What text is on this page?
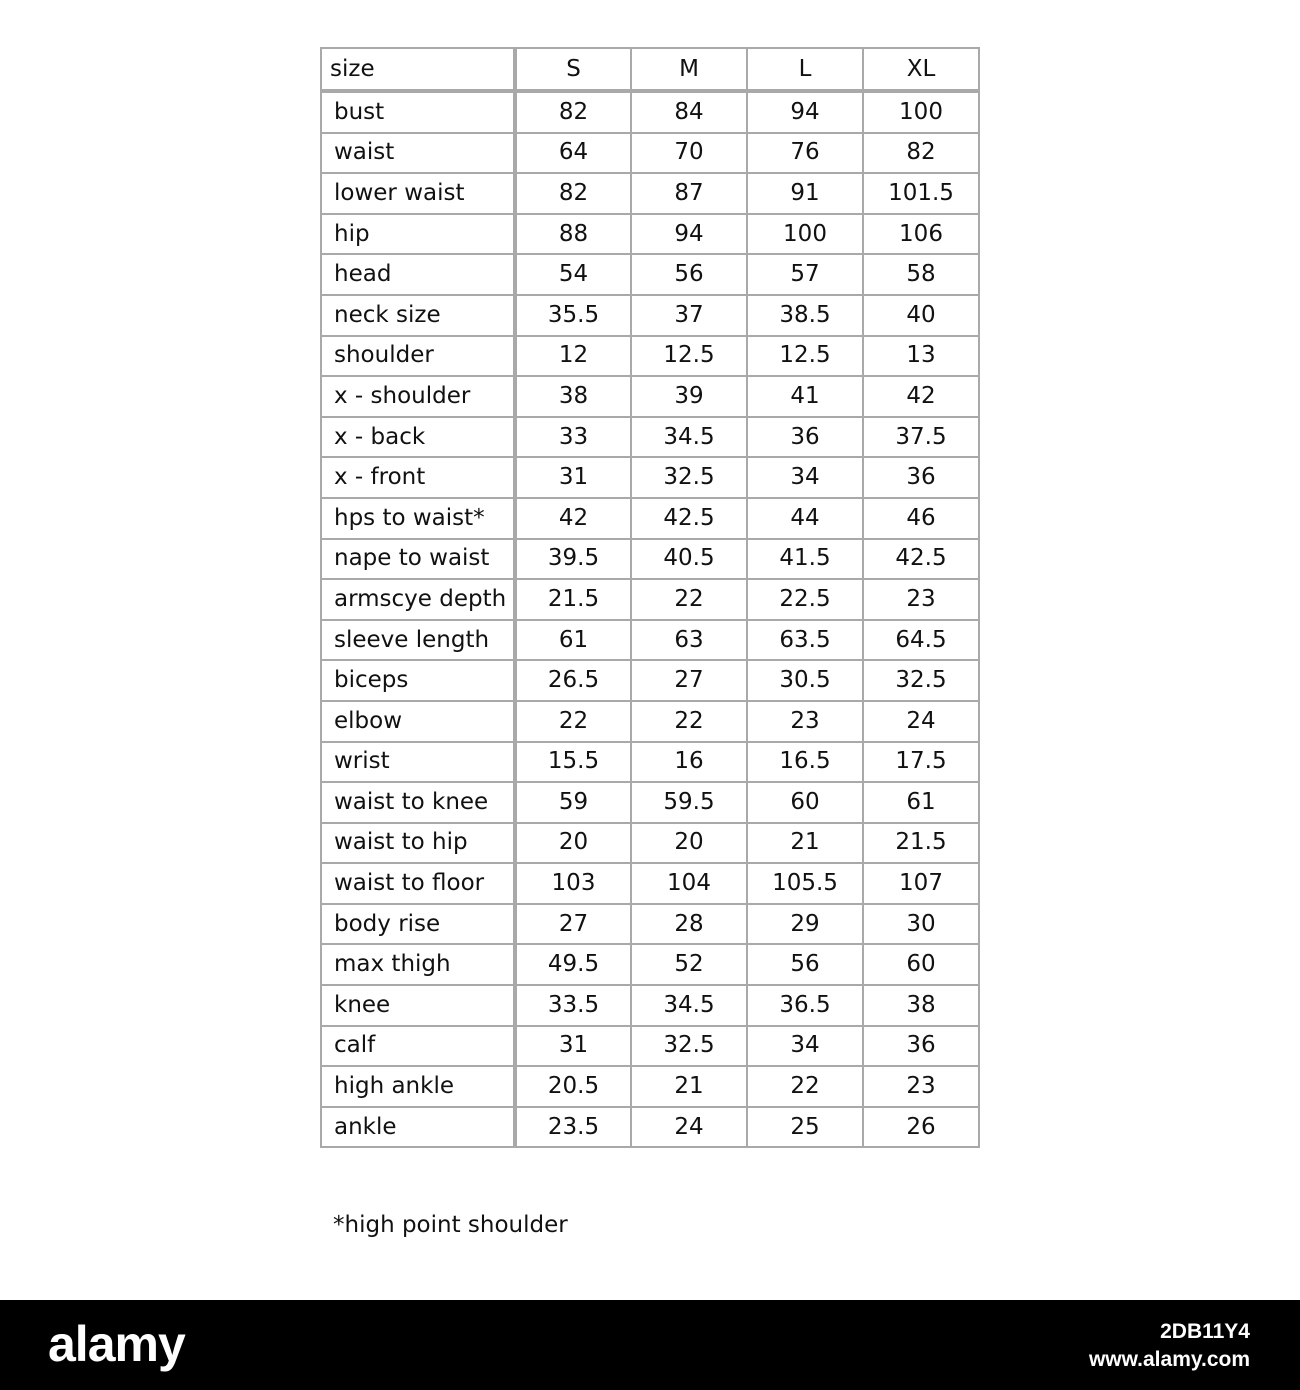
size	S	M	L	XL
bust	82	84	94	100
waist	64	70	76	82
lower waist	82	87	91	101.5
hip	88	94	100	106
head	54	56	57	58
neck size	35.5	37	38.5	40
shoulder	12	12.5	12.5	13
x - shoulder	38	39	41	42
x - back	33	34.5	36	37.5
x - front	31	32.5	34	36
hps to waist*	42	42.5	44	46
nape to waist	39.5	40.5	41.5	42.5
armscye depth	21.5	22	22.5	23
sleeve length	61	63	63.5	64.5
biceps	26.5	27	30.5	32.5
elbow	22	22	23	24
wrist	15.5	16	16.5	17.5
waist to knee	59	59.5	60	61
waist to hip	20	20	21	21.5
waist to floor	103	104	105.5	107
body rise	27	28	29	30
max thigh	49.5	52	56	60
knee	33.5	34.5	36.5	38
calf	31	32.5	34	36
high ankle	20.5	21	22	23
ankle	23.5	24	25	26
*high point shoulder
alamy	2DB11Y4
www.alamy.com
